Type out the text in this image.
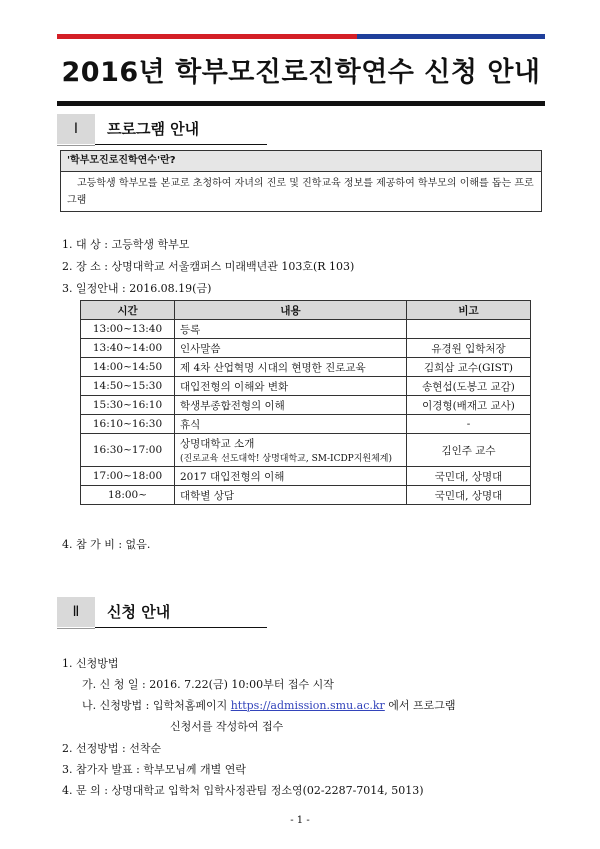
2016년 학부모진로진학연수 신청 안내
Ⅰ	프로그램 안내
'학부모진로진학연수'란?
고등학생 학부모를 본교로 초청하여 자녀의 진로 및 진학교육 정보를 제공하여 학부모의 이해를 돕는 프로그램
1. 대 상 : 고등학생 학부모
2. 장 소 : 상명대학교 서울캠퍼스 미래백년관 103호(R 103)
3. 일정안내 : 2016.08.19(금)
시간	내용	비고
13:00~13:40	등록	
13:40~14:00	인사말씀	유경원 입학처장
14:00~14:50	제 4차 산업혁명 시대의 현명한 진로교육	김희삼 교수(GIST)
14:50~15:30	대입전형의 이해와 변화	송현섭(도봉고 교감)
15:30~16:10	학생부종합전형의 이해	이경형(배재고 교사)
16:10~16:30	휴식	-
16:30~17:00	상명대학교 소개
(진로교육 선도대학! 상명대학교, SM-ICDP지원체계)	김인주 교수
17:00~18:00	2017 대입전형의 이해	국민대, 상명대
18:00~	대학별 상담	국민대, 상명대
4. 참 가 비 : 없음.
Ⅱ	신청 안내
1. 신청방법
가. 신 청 일 : 2016. 7.22(금) 10:00부터 접수 시작
나. 신청방법 : 입학처홈페이지 https://admission.smu.ac.kr 에서 프로그램
신청서를 작성하여 접수
2. 선정방법 : 선착순
3. 참가자 발표 : 학부모님께 개별 연락
4. 문 의 : 상명대학교 입학처 입학사정관팀 정소영(02-2287-7014, 5013)
- 1 -
